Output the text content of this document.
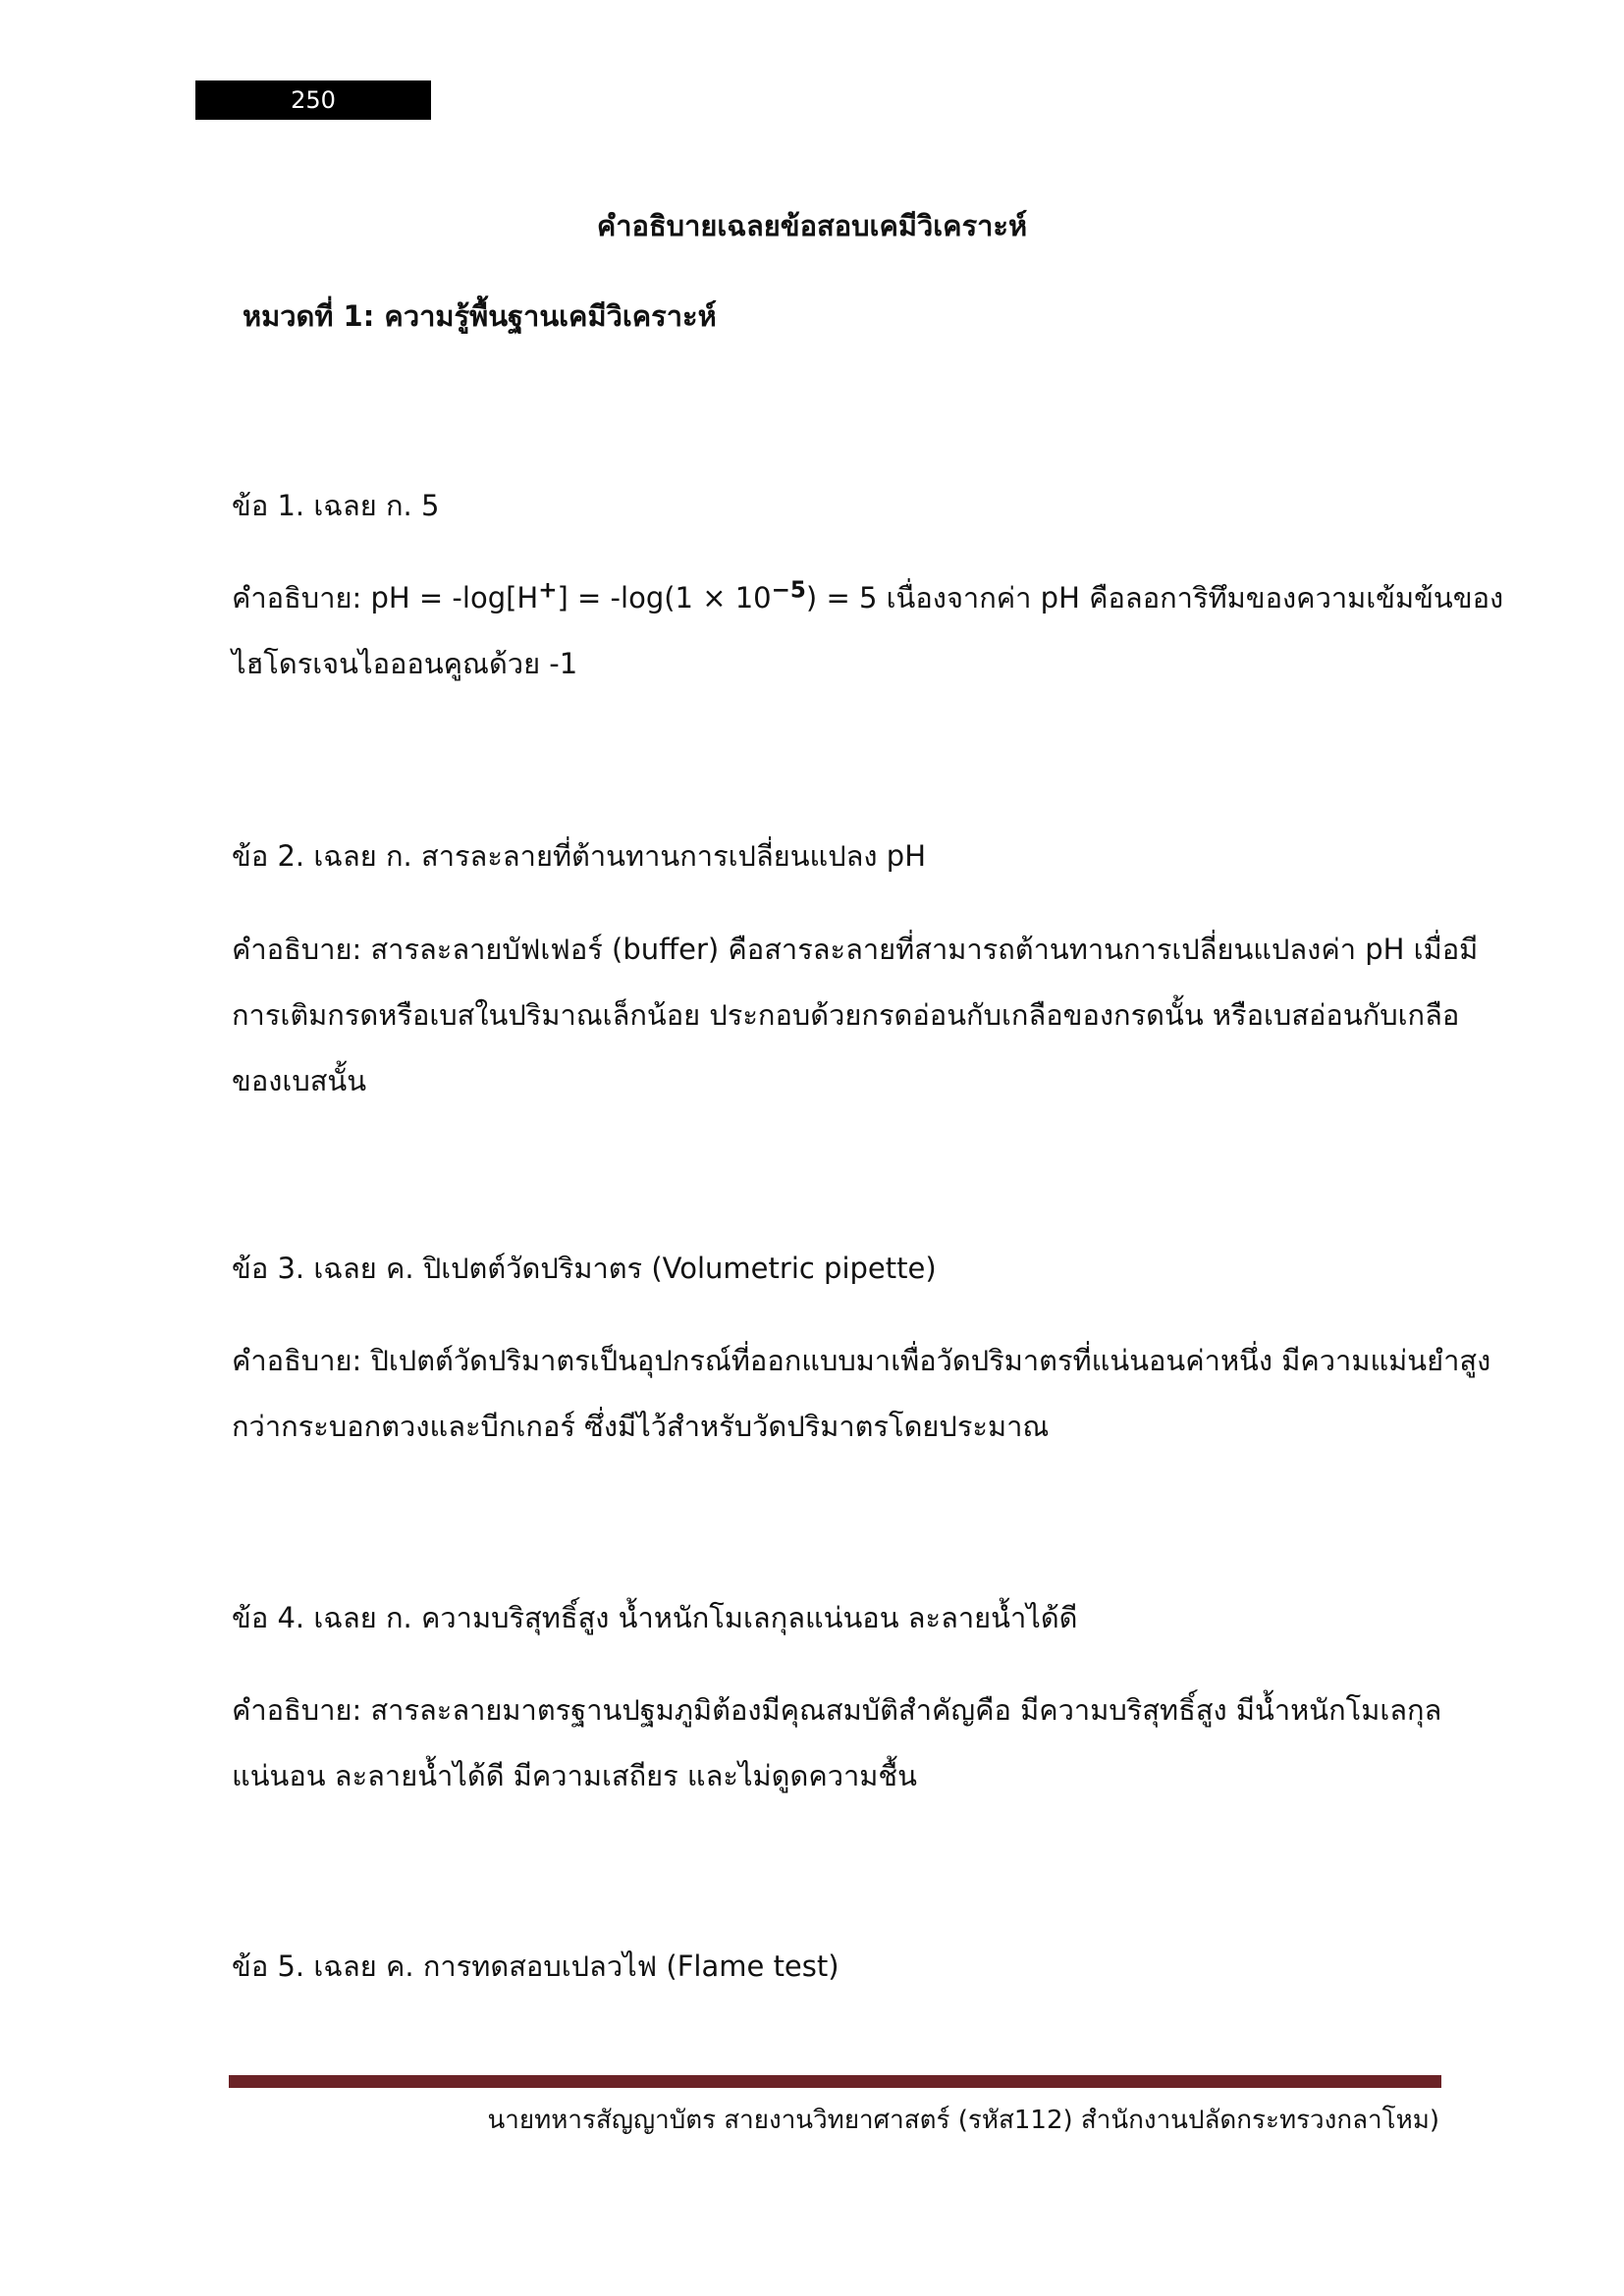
250
คำอธิบายเฉลยข้อสอบเคมีวิเคราะห์
หมวดที่ 1: ความรู้พื้นฐานเคมีวิเคราะห์
ข้อ 1. เฉลย ก. 5
คำอธิบาย: pH = $-\log[H^+] = -\log(1 \times 10^{-5}) = 5$ เนื่องจากค่า pH คือลอการิทึมของความเข้มข้นของ
ไฮโดรเจนไอออนคูณด้วย -1
ข้อ 2. เฉลย ก. สารละลายที่ต้านทานการเปลี่ยนแปลง pH
คำอธิบาย: สารละลายบัฟเฟอร์ (buffer) คือสารละลายที่สามารถต้านทานการเปลี่ยนแปลงค่า pH เมื่อมี
การเติมกรดหรือเบสในปริมาณเล็กน้อย ประกอบด้วยกรดอ่อนกับเกลือของกรดนั้น หรือเบสอ่อนกับเกลือ
ของเบสนั้น
ข้อ 3. เฉลย ค. ปิเปตต์วัดปริมาตร (Volumetric pipette)
คำอธิบาย: ปิเปตต์วัดปริมาตรเป็นอุปกรณ์ที่ออกแบบมาเพื่อวัดปริมาตรที่แน่นอนค่าหนึ่ง มีความแม่นยำสูง
กว่ากระบอกตวงและบีกเกอร์ ซึ่งมีไว้สำหรับวัดปริมาตรโดยประมาณ
ข้อ 4. เฉลย ก. ความบริสุทธิ์สูง น้ำหนักโมเลกุลแน่นอน ละลายน้ำได้ดี
คำอธิบาย: สารละลายมาตรฐานปฐมภูมิต้องมีคุณสมบัติสำคัญคือ มีความบริสุทธิ์สูง มีน้ำหนักโมเลกุล
แน่นอน ละลายน้ำได้ดี มีความเสถียร และไม่ดูดความชื้น
ข้อ 5. เฉลย ค. การทดสอบเปลวไฟ (Flame test)
นายทหารสัญญาบัตร สายงานวิทยาศาสตร์ (รหัส112) สำนักงานปลัดกระทรวงกลาโหม)
